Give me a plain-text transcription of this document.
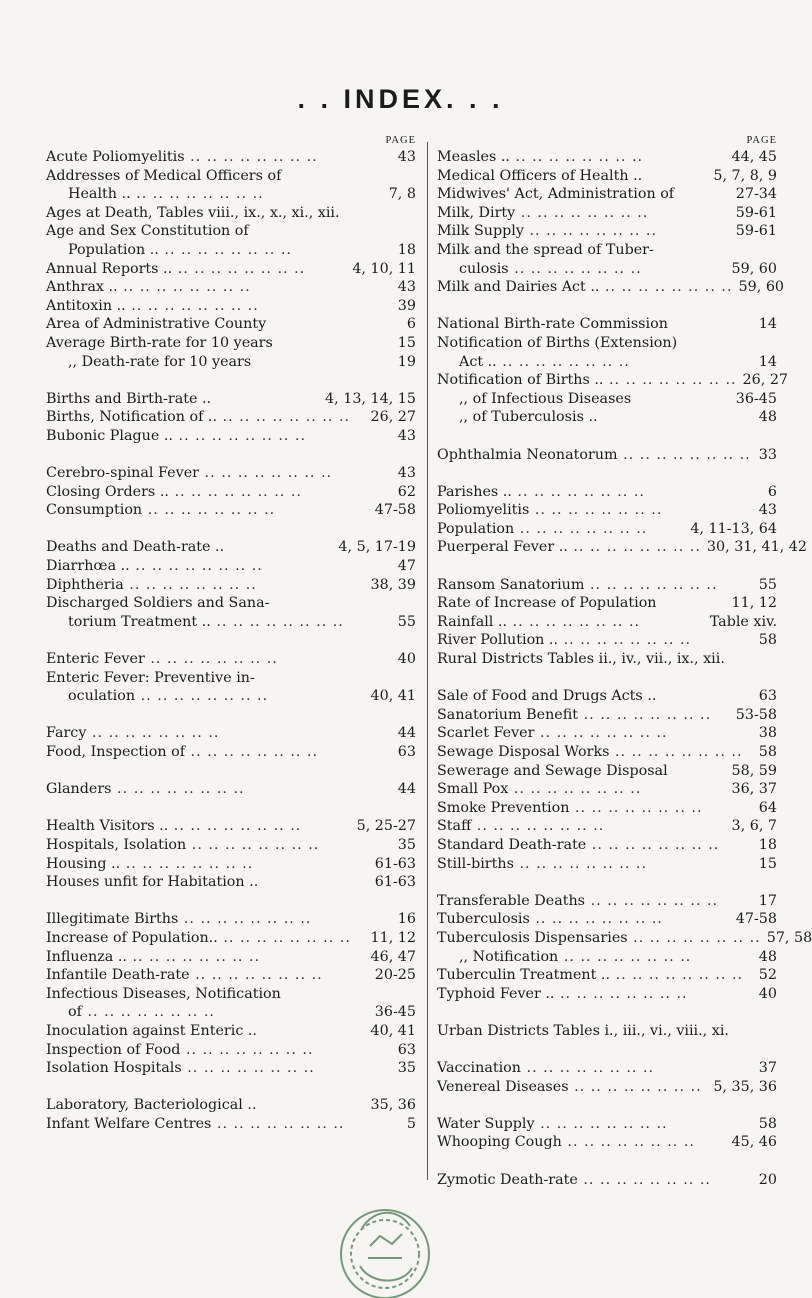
. . INDEX. . .
PAGE
Acute Poliomyelitis .. .. .. .. .. .. .. ..	43
Addresses of Medical Officers of
Health .. .. .. .. .. .. .. .. ..	7, 8
Ages at Death, Tables viii., ix., x., xi., xii.
Age and Sex Constitution of
Population .. .. .. .. .. .. .. .. ..	18
Annual Reports .. .. .. .. .. .. .. .. ..	4, 10, 11
Anthrax .. .. .. .. .. .. .. .. ..	43
Antitoxin .. .. .. .. .. .. .. .. ..	39
Area of Administrative County	6
Average Birth-rate for 10 years	15
,, Death-rate for 10 years	19
Births and Birth-rate ..	4, 13, 14, 15
Births, Notification of .. .. .. .. .. .. .. .. ..	26, 27
Bubonic Plague .. .. .. .. .. .. .. .. ..	43
Cerebro-spinal Fever .. .. .. .. .. .. .. ..	43
Closing Orders .. .. .. .. .. .. .. .. ..	62
Consumption .. .. .. .. .. .. .. ..	47-58
Deaths and Death-rate ..	4, 5, 17-19
Diarrhœa .. .. .. .. .. .. .. .. ..	47
Diphtheria .. .. .. .. .. .. .. ..	38, 39
Discharged Soldiers and Sana-
torium Treatment .. .. .. .. .. .. .. .. ..	55
Enteric Fever .. .. .. .. .. .. .. ..	40
Enteric Fever: Preventive in-
oculation .. .. .. .. .. .. .. ..	40, 41
Farcy .. .. .. .. .. .. .. ..	44
Food, Inspection of .. .. .. .. .. .. .. ..	63
Glanders .. .. .. .. .. .. .. ..	44
Health Visitors .. .. .. .. .. .. .. .. ..	5, 25-27
Hospitals, Isolation .. .. .. .. .. .. .. ..	35
Housing .. .. .. .. .. .. .. .. ..	61-63
Houses unfit for Habitation ..	61-63
Illegitimate Births .. .. .. .. .. .. .. ..	16
Increase of Population.. .. .. .. .. .. .. .. ..	11, 12
Influenza .. .. .. .. .. .. .. .. ..	46, 47
Infantile Death-rate .. .. .. .. .. .. .. ..	20-25
Infectious Diseases, Notification
of .. .. .. .. .. .. .. ..	36-45
Inoculation against Enteric ..	40, 41
Inspection of Food .. .. .. .. .. .. .. ..	63
Isolation Hospitals .. .. .. .. .. .. .. ..	35
Laboratory, Bacteriological ..	35, 36
Infant Welfare Centres .. .. .. .. .. .. .. ..	5
PAGE
Measles .. .. .. .. .. .. .. .. ..	44, 45
Medical Officers of Health ..	5, 7, 8, 9
Midwives' Act, Administration of	27-34
Milk, Dirty .. .. .. .. .. .. .. ..	59-61
Milk Supply .. .. .. .. .. .. .. ..	59-61
Milk and the spread of Tuber-
culosis .. .. .. .. .. .. .. ..	59, 60
Milk and Dairies Act .. .. .. .. .. .. .. .. .. 59, 60
National Birth-rate Commission	14
Notification of Births (Extension)
Act .. .. .. .. .. .. .. .. ..	14
Notification of Births .. .. .. .. .. .. .. .. .. 26, 27
,, of Infectious Diseases	36-45
,, of Tuberculosis ..	48
Ophthalmia Neonatorum .. .. .. .. .. .. .. .. 33
Parishes .. .. .. .. .. .. .. .. ..	6
Poliomyelitis .. .. .. .. .. .. .. ..	43
Population .. .. .. .. .. .. .. ..	4, 11-13, 64
Puerperal Fever .. .. .. .. .. .. .. .. .. 30, 31, 41, 42
Ransom Sanatorium .. .. .. .. .. .. .. ..	55
Rate of Increase of Population	11, 12
Rainfall .. .. .. .. .. .. .. .. ..	Table xiv.
River Pollution .. .. .. .. .. .. .. .. ..	58
Rural Districts Tables ii., iv., vii., ix., xii.
Sale of Food and Drugs Acts ..	63
Sanatorium Benefit .. .. .. .. .. .. .. ..	53-58
Scarlet Fever .. .. .. .. .. .. .. ..	38
Sewage Disposal Works .. .. .. .. .. .. .. ..	58
Sewerage and Sewage Disposal	58, 59
Small Pox .. .. .. .. .. .. .. ..	36, 37
Smoke Prevention .. .. .. .. .. .. .. ..	64
Staff .. .. .. .. .. .. .. ..	3, 6, 7
Standard Death-rate .. .. .. .. .. .. .. ..	18
Still-births .. .. .. .. .. .. .. ..	15
Transferable Deaths .. .. .. .. .. .. .. ..	17
Tuberculosis .. .. .. .. .. .. .. ..	47-58
Tuberculosis Dispensaries .. .. .. .. .. .. .. .. 57, 58
,, Notification .. .. .. .. .. .. .. ..	48
Tuberculin Treatment .. .. .. .. .. .. .. .. ..	52
Typhoid Fever .. .. .. .. .. .. .. .. ..	40
Urban Districts Tables i., iii., vi., viii., xi.
Vaccination .. .. .. .. .. .. .. ..	37
Venereal Diseases .. .. .. .. .. .. .. .. 5, 35, 36
Water Supply .. .. .. .. .. .. .. ..	58
Whooping Cough .. .. .. .. .. .. .. ..	45, 46
Zymotic Death-rate .. .. .. .. .. .. .. ..	20
